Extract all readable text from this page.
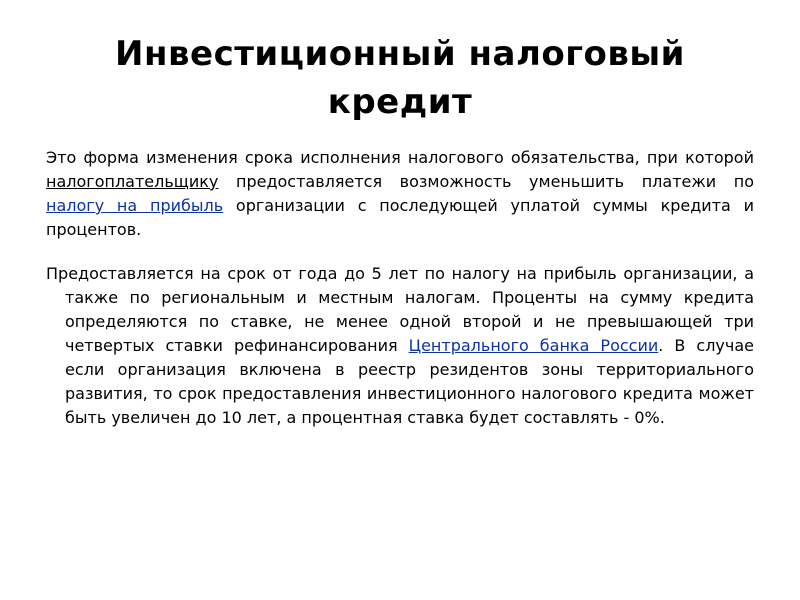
Инвестиционный налоговый кредит

Это форма изменения срока исполнения налогового обязательства, при которой налогоплательщику предоставляется возможность уменьшить платежи по налогу на прибыль организации с последующей уплатой суммы кредита и процентов.

Предоставляется на срок от года до 5 лет по налогу на прибыль организации, а также по региональным и местным налогам. Проценты на сумму кредита определяются по ставке, не менее одной второй и не превышающей три четвертых ставки рефинансирования Центрального банка России. В случае если организация включена в реестр резидентов зоны территориального развития, то срок предоставления инвестиционного налогового кредита может быть увеличен до 10 лет, а процентная ставка будет составлять - 0%.
